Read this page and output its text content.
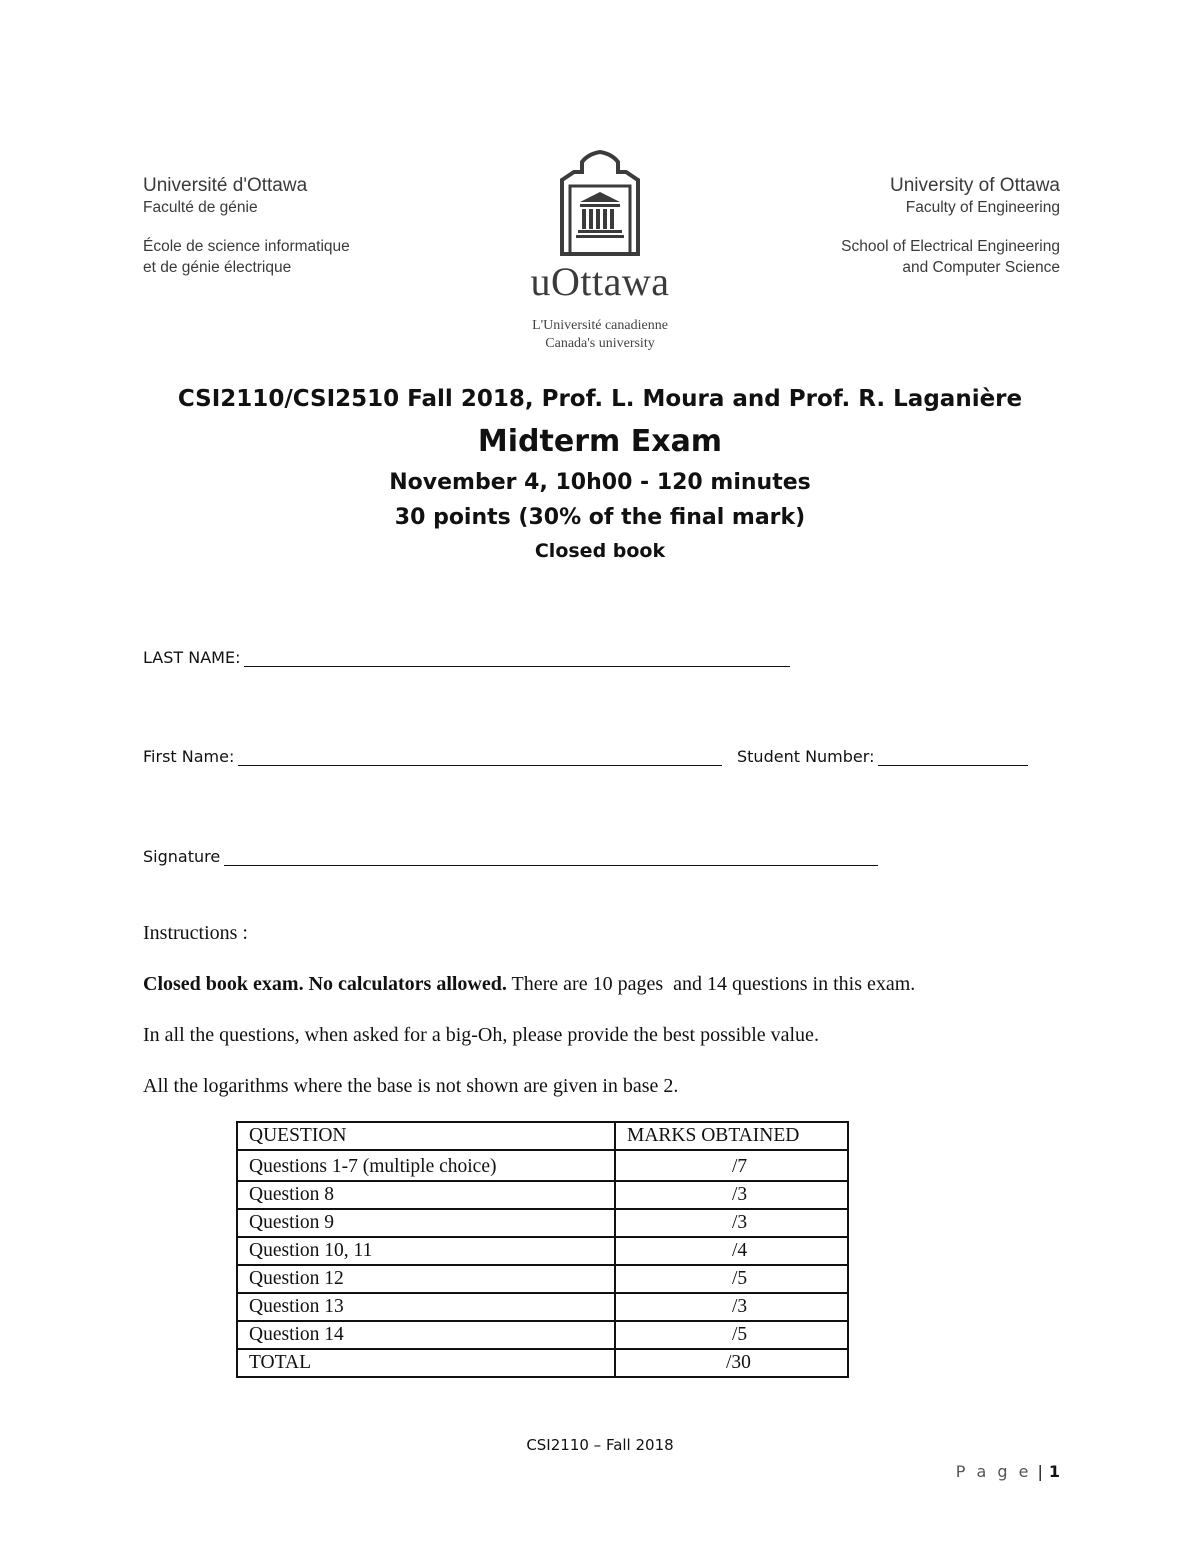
Université d'Ottawa
Faculté de génie
École de science informatique
et de génie électrique	uOttawa
L'Université canadienne
Canada's university
University of Ottawa
Faculty of Engineering
School of Electrical Engineering
and Computer Science
CSI2110/CSI2510 Fall 2018, Prof. L. Moura and Prof. R. Laganière
Midterm Exam
November 4, 10h00 - 120 minutes
30 points (30% of the final mark)
Closed book
LAST NAME:
First Name:	Student Number:
Signature
Instructions :
Closed book exam. No calculators allowed. There are 10 pages  and 14 questions in this exam.
In all the questions, when asked for a big-Oh, please provide the best possible value.
All the logarithms where the base is not shown are given in base 2.
QUESTION	MARKS OBTAINED
Questions 1-7 (multiple choice)	/7
Question 8	/3
Question 9	/3
Question 10, 11	/4
Question 12	/5
Question 13	/3
Question 14	/5
TOTAL	/30
CSI2110 – Fall 2018
P a g e | 1
